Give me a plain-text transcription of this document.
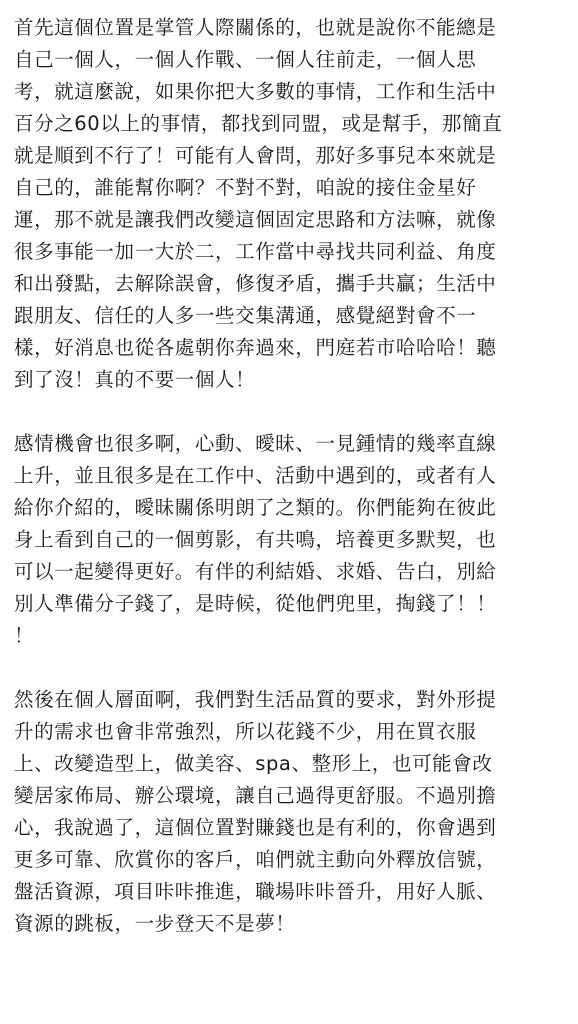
首先這個位置是掌管人際關係的，也就是說你不能總是
自己一個人，一個人作戰、一個人往前走，一個人思
考，就這麼說，如果你把大多數的事情，工作和生活中
百分之60以上的事情，都找到同盟，或是幫手，那簡直
就是順到不行了！可能有人會問，那好多事兒本來就是
自己的，誰能幫你啊？不對不對，咱說的接住金星好
運，那不就是讓我們改變這個固定思路和方法嘛，就像
很多事能一加一大於二，工作當中尋找共同利益、角度
和出發點，去解除誤會，修復矛盾，攜手共贏；生活中
跟朋友、信任的人多一些交集溝通，感覺絕對會不一
樣，好消息也從各處朝你奔過來，門庭若市哈哈哈！聽
到了沒！真的不要一個人！
感情機會也很多啊，心動、曖昧、一見鍾情的幾率直線
上升，並且很多是在工作中、活動中遇到的，或者有人
給你介紹的，曖昧關係明朗了之類的。你們能夠在彼此
身上看到自己的一個剪影，有共鳴，培養更多默契，也
可以一起變得更好。有伴的利結婚、求婚、告白，別給
別人準備分子錢了，是時候，從他們兜里，掏錢了！！
！
然後在個人層面啊，我們對生活品質的要求，對外形提
升的需求也會非常強烈，所以花錢不少，用在買衣服
上、改變造型上，做美容、spa、整形上，也可能會改
變居家佈局、辦公環境，讓自己過得更舒服。不過別擔
心，我說過了，這個位置對賺錢也是有利的，你會遇到
更多可靠、欣賞你的客戶，咱們就主動向外釋放信號，
盤活資源，項目咔咔推進，職場咔咔晉升，用好人脈、
資源的跳板，一步登天不是夢！
